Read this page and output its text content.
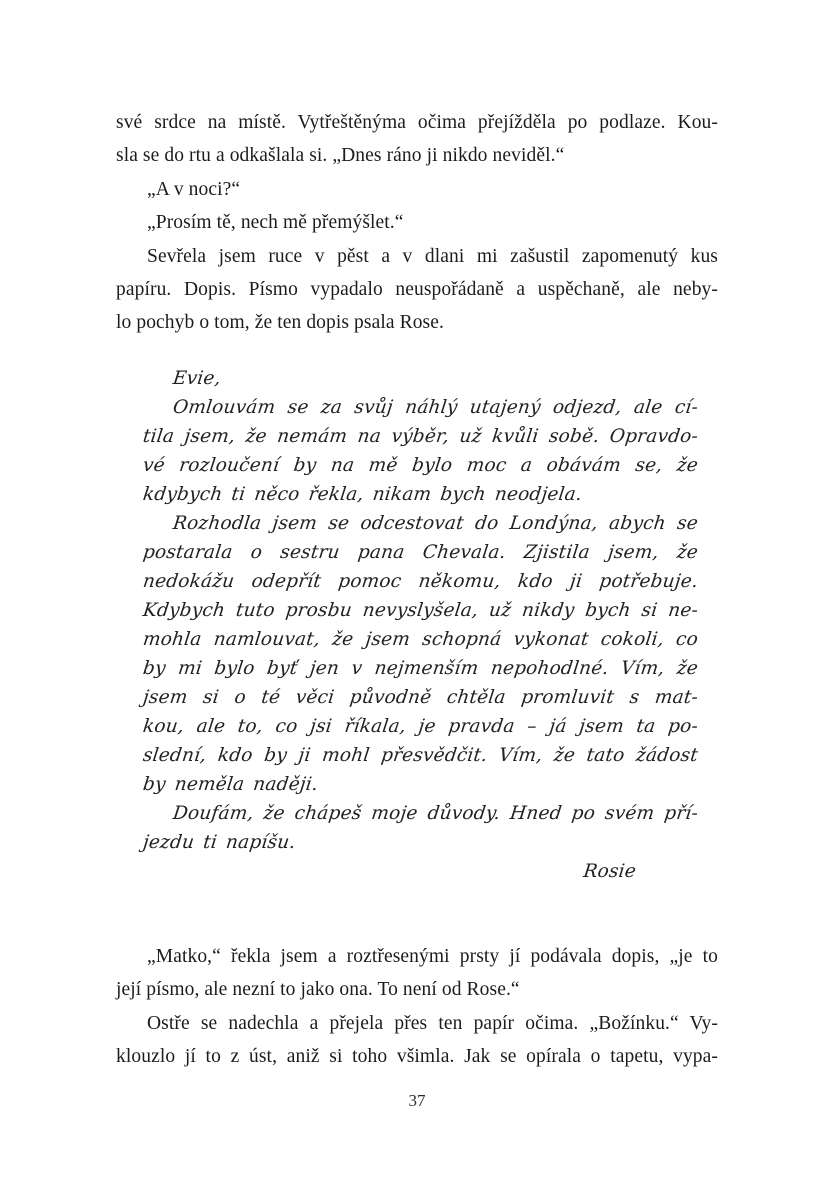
své srdce na místě. Vytřeštěnýma očima přejížděla po podlaze. Kou-
sla se do rtu a odkašlala si. „Dnes ráno ji nikdo neviděl.“
„A v noci?“
„Prosím tě, nech mě přemýšlet.“
Sevřela jsem ruce v pěst a v dlani mi zašustil zapomenutý kus
papíru. Dopis. Písmo vypadalo neuspořádaně a uspěchaně, ale neby-
lo pochyb o tom, že ten dopis psala Rose.
Evie,
Omlouvám se za svůj náhlý utajený odjezd, ale cí-
tila jsem, že nemám na výběr, už kvůli sobě. Opravdo-
vé rozloučení by na mě bylo moc a obávám se, že
kdybych ti něco řekla, nikam bych neodjela.
Rozhodla jsem se odcestovat do Londýna, abych se
postarala o sestru pana Chevala. Zjistila jsem, že
nedokážu odepřít pomoc někomu, kdo ji potřebuje.
Kdybych tuto prosbu nevyslyšela, už nikdy bych si ne-
mohla namlouvat, že jsem schopná vykonat cokoli, co
by mi bylo byť jen v nejmenším nepohodlné. Vím, že
jsem si o té věci původně chtěla promluvit s mat-
kou, ale to, co jsi říkala, je pravda – já jsem ta po-
slední, kdo by ji mohl přesvědčit. Vím, že tato žádost
by neměla naději.
Doufám, že chápeš moje důvody. Hned po svém pří-
jezdu ti napíšu.
Rosie
„Matko,“ řekla jsem a roztřesenými prsty jí podávala dopis, „je to
její písmo, ale nezní to jako ona. To není od Rose.“
Ostře se nadechla a přejela přes ten papír očima. „Božínku.“ Vy-
klouzlo jí to z úst, aniž si toho všimla. Jak se opírala o tapetu, vypa-
37
